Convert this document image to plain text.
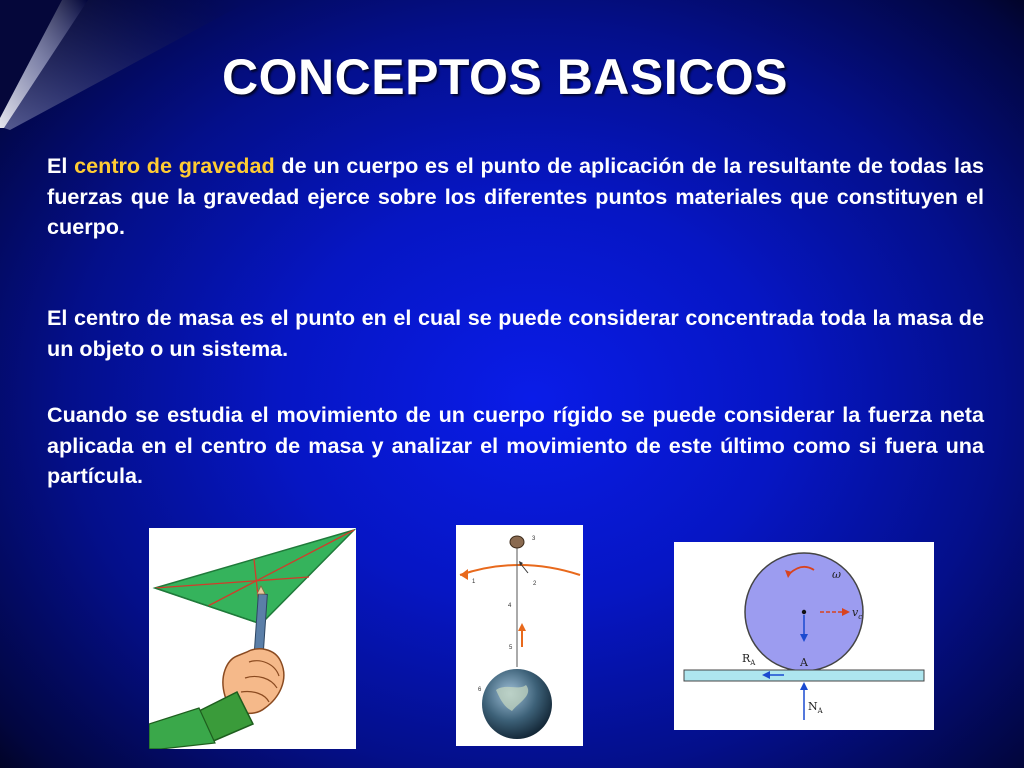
CONCEPTOS BASICOS
El centro de gravedad de un cuerpo es el punto de aplicación de la resultante de todas las fuerzas que la gravedad ejerce sobre los diferentes puntos materiales que constituyen el cuerpo.
El centro de masa es el punto en el cual se puede considerar concentrada toda la masa de un objeto o un sistema.
Cuando se estudia el movimiento de un cuerpo rígido se puede considerar la fuerza neta aplicada en el centro de masa y analizar el movimiento de este último como si fuera una partícula.
3
1	2
4
5
6
ω
$v_c$
$R_A$	A
$N_A$
